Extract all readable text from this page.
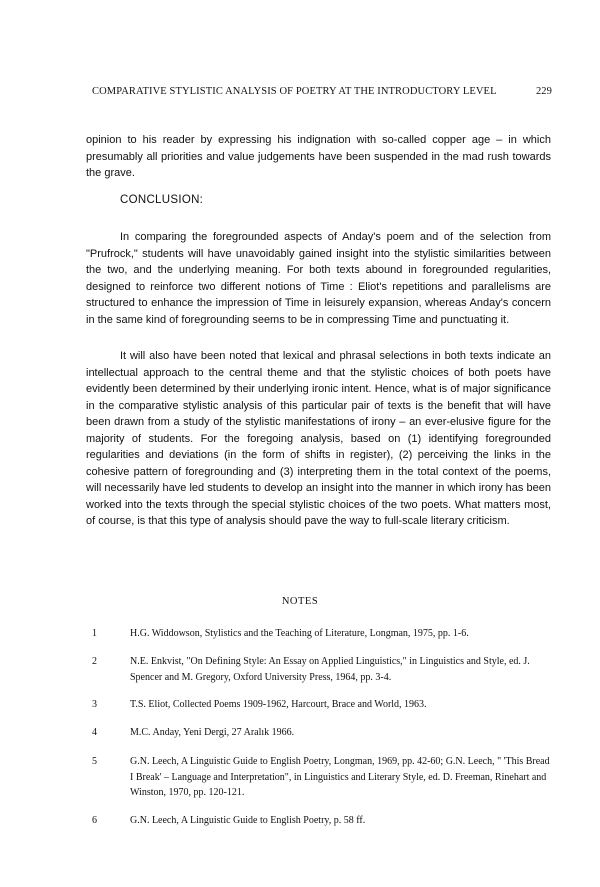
COMPARATIVE STYLISTIC ANALYSIS OF POETRY AT THE INTRODUCTORY LEVEL	229

opinion to his reader by expressing his indignation with so-called copper age – in which presumably all priorities and value judgements have been suspended in the mad rush towards the grave.

CONCLUSION:

In comparing the foregrounded aspects of Anday's poem and of the selection from "Prufrock," students will have unavoidably gained insight into the stylistic similarities between the two, and the underlying meaning. For both texts abound in foregrounded regularities, designed to reinforce two different notions of Time : Eliot's repetitions and parallelisms are structured to enhance the impression of Time in leisurely expansion, whereas Anday's concern in the same kind of foregrounding seems to be in compressing Time and punctuating it.

It will also have been noted that lexical and phrasal selections in both texts indicate an intellectual approach to the central theme and that the stylistic choices of both poets have evidently been determined by their underlying ironic intent. Hence, what is of major significance in the comparative stylistic analysis of this particular pair of texts is the benefit that will have been drawn from a study of the stylistic manifestations of irony – an ever-elusive figure for the majority of students. For the foregoing analysis, based on (1) identifying foregrounded regularities and deviations (in the form of shifts in register), (2) perceiving the links in the cohesive pattern of foregrounding and (3) interpreting them in the total context of the poems, will necessarily have led students to develop an insight into the manner in which irony has been worked into the texts through the special stylistic choices of the two poets. What matters most, of course, is that this type of analysis should pave the way to full-scale literary criticism.

NOTES

1	H.G. Widdowson, Stylistics and the Teaching of Literature, Longman, 1975, pp. 1-6.
2	N.E. Enkvist, "On Defining Style: An Essay on Applied Linguistics," in Linguistics and Style, ed. J. Spencer and M. Gregory, Oxford University Press, 1964, pp. 3-4.
3	T.S. Eliot, Collected Poems 1909-1962, Harcourt, Brace and World, 1963.
4	M.C. Anday, Yeni Dergi, 27 Aralık 1966.
5	G.N. Leech, A Linguistic Guide to English Poetry, Longman, 1969, pp. 42-60; G.N. Leech, " 'This Bread I Break' – Language and Interpretation", in Linguistics and Literary Style, ed. D. Freeman, Rinehart and Winston, 1970, pp. 120-121.
6	G.N. Leech, A Linguistic Guide to English Poetry, p. 58 ff.
